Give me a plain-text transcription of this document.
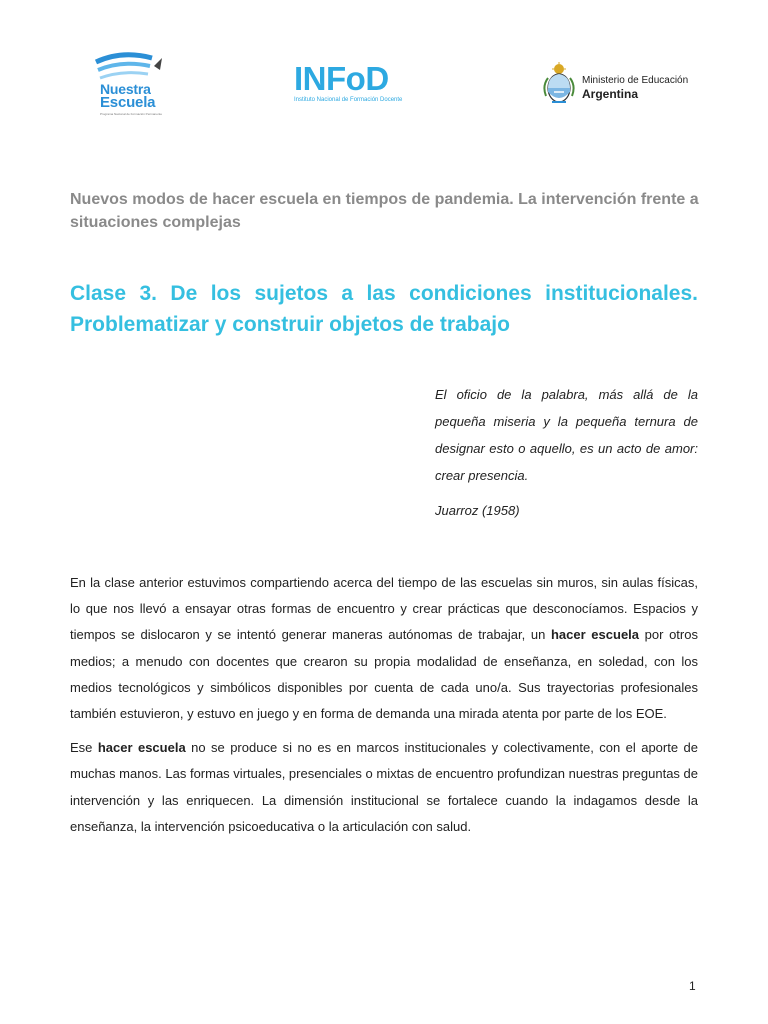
Nuestra
Escuela
Programa Nacional de Formación Permanente
INFoD
Instituto Nacional de Formación Docente
Ministerio de Educación
Argentina
Nuevos modos de hacer escuela en tiempos de pandemia. La intervención frente a situaciones complejas
Clase 3. De los sujetos a las condiciones institucionales. Problematizar y construir objetos de trabajo
El oficio de la palabra, más allá de la pequeña miseria y la pequeña ternura de designar esto o aquello, es un acto de amor: crear presencia.
Juarroz (1958)

En la clase anterior estuvimos compartiendo acerca del tiempo de las escuelas sin muros, sin aulas físicas, lo que nos llevó a ensayar otras formas de encuentro y crear prácticas que desconocíamos. Espacios y tiempos se dislocaron y se intentó generar maneras autónomas de trabajar, un hacer escuela por otros medios; a menudo con docentes que crearon su propia modalidad de enseñanza, en soledad, con los medios tecnológicos y simbólicos disponibles por cuenta de cada uno/a. Sus trayectorias profesionales también estuvieron, y estuvo en juego y en forma de demanda una mirada atenta por parte de los EOE.

Ese hacer escuela no se produce si no es en marcos institucionales y colectivamente, con el aporte de muchas manos. Las formas virtuales, presenciales o mixtas de encuentro profundizan nuestras preguntas de intervención y las enriquecen. La dimensión institucional se fortalece cuando la indagamos desde la enseñanza, la intervención psicoeducativa o la articulación con salud.

1
